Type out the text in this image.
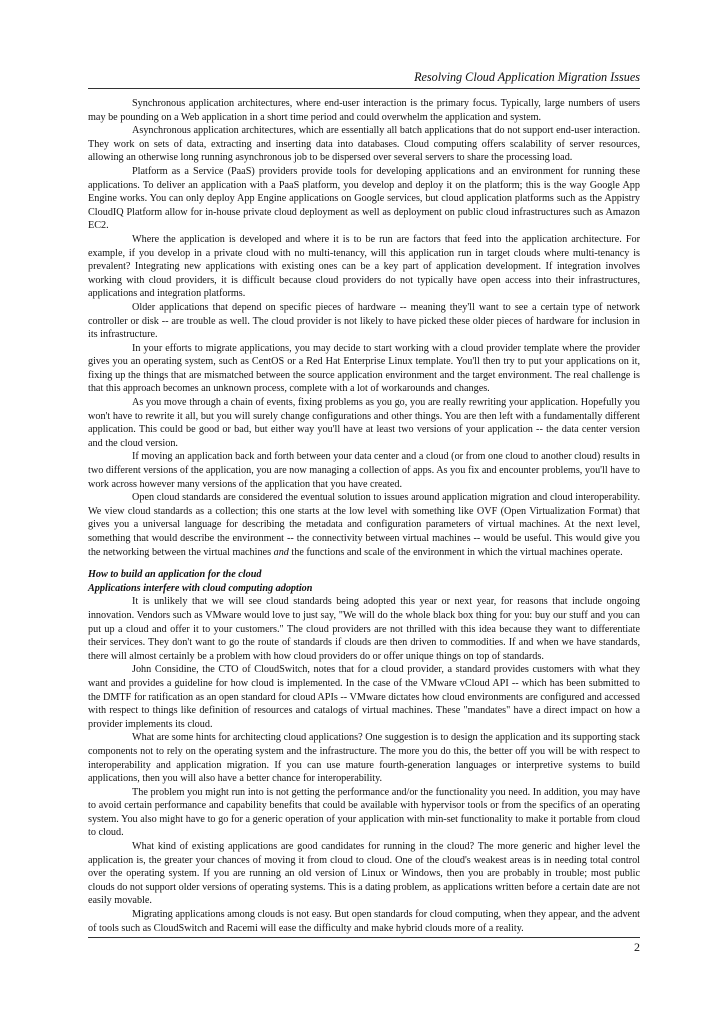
Resolving Cloud Application Migration Issues

Synchronous application architectures, where end-user interaction is the primary focus. Typically, large numbers of users may be pounding on a Web application in a short time period and could overwhelm the application and system.

Asynchronous application architectures, which are essentially all batch applications that do not support end-user interaction. They work on sets of data, extracting and inserting data into databases. Cloud computing offers scalability of server resources, allowing an otherwise long running asynchronous job to be dispersed over several servers to share the processing load.

Platform as a Service (PaaS) providers provide tools for developing applications and an environment for running these applications. To deliver an application with a PaaS platform, you develop and deploy it on the platform; this is the way Google App Engine works. You can only deploy App Engine applications on Google services, but cloud application platforms such as the Appistry CloudIQ Platform allow for in-house private cloud deployment as well as deployment on public cloud infrastructures such as Amazon EC2.

Where the application is developed and where it is to be run are factors that feed into the application architecture. For example, if you develop in a private cloud with no multi-tenancy, will this application run in target clouds where multi-tenancy is prevalent? Integrating new applications with existing ones can be a key part of application development. If integration involves working with cloud providers, it is difficult because cloud providers do not typically have open access into their infrastructures, applications and integration platforms.

Older applications that depend on specific pieces of hardware -- meaning they'll want to see a certain type of network controller or disk -- are trouble as well. The cloud provider is not likely to have picked these older pieces of hardware for inclusion in its infrastructure.

In your efforts to migrate applications, you may decide to start working with a cloud provider template where the provider gives you an operating system, such as CentOS or a Red Hat Enterprise Linux template. You'll then try to put your applications on it, fixing up the things that are mismatched between the source application environment and the target environment. The real challenge is that this approach becomes an unknown process, complete with a lot of workarounds and changes.

As you move through a chain of events, fixing problems as you go, you are really rewriting your application. Hopefully you won't have to rewrite it all, but you will surely change configurations and other things. You are then left with a fundamentally different application. This could be good or bad, but either way you'll have at least two versions of your application -- the data center version and the cloud version.

If moving an application back and forth between your data center and a cloud (or from one cloud to another cloud) results in two different versions of the application, you are now managing a collection of apps. As you fix and encounter problems, you'll have to work across however many versions of the application that you have created.

Open cloud standards are considered the eventual solution to issues around application migration and cloud interoperability. We view cloud standards as a collection; this one starts at the low level with something like OVF (Open Virtualization Format) that gives you a universal language for describing the metadata and configuration parameters of virtual machines. At the next level, something that would describe the environment -- the connectivity between virtual machines -- would be useful. This would give you the networking between the virtual machines and the functions and scale of the environment in which the virtual machines operate.

How to build an application for the cloud

Applications interfere with cloud computing adoption

It is unlikely that we will see cloud standards being adopted this year or next year, for reasons that include ongoing innovation. Vendors such as VMware would love to just say, "We will do the whole black box thing for you: buy our stuff and you can put up a cloud and offer it to your customers." The cloud providers are not thrilled with this idea because they want to differentiate their services. They don't want to go the route of standards if clouds are then driven to commodities. If and when we have standards, there will almost certainly be a problem with how cloud providers do or offer unique things on top of standards.

John Considine, the CTO of CloudSwitch, notes that for a cloud provider, a standard provides customers with what they want and provides a guideline for how cloud is implemented. In the case of the VMware vCloud API -- which has been submitted to the DMTF for ratification as an open standard for cloud APIs -- VMware dictates how cloud environments are configured and accessed with respect to things like definition of resources and catalogs of virtual machines. These "mandates" have a direct impact on how a provider implements its cloud.

What are some hints for architecting cloud applications? One suggestion is to design the application and its supporting stack components not to rely on the operating system and the infrastructure. The more you do this, the better off you will be with respect to interoperability and application migration. If you can use mature fourth-generation languages or interpretive systems to build applications, then you will also have a better chance for interoperability.

The problem you might run into is not getting the performance and/or the functionality you need. In addition, you may have to avoid certain performance and capability benefits that could be available with hypervisor tools or from the specifics of an operating system. You also might have to go for a generic operation of your application with min-set functionality to make it portable from cloud to cloud.

What kind of existing applications are good candidates for running in the cloud? The more generic and higher level the application is, the greater your chances of moving it from cloud to cloud. One of the cloud's weakest areas is in needing total control over the operating system. If you are running an old version of Linux or Windows, then you are probably in trouble; most public clouds do not support older versions of operating systems. This is a dating problem, as applications written before a certain date are not easily movable.

Migrating applications among clouds is not easy. But open standards for cloud computing, when they appear, and the advent of tools such as CloudSwitch and Racemi will ease the difficulty and make hybrid clouds more of a reality.

2
